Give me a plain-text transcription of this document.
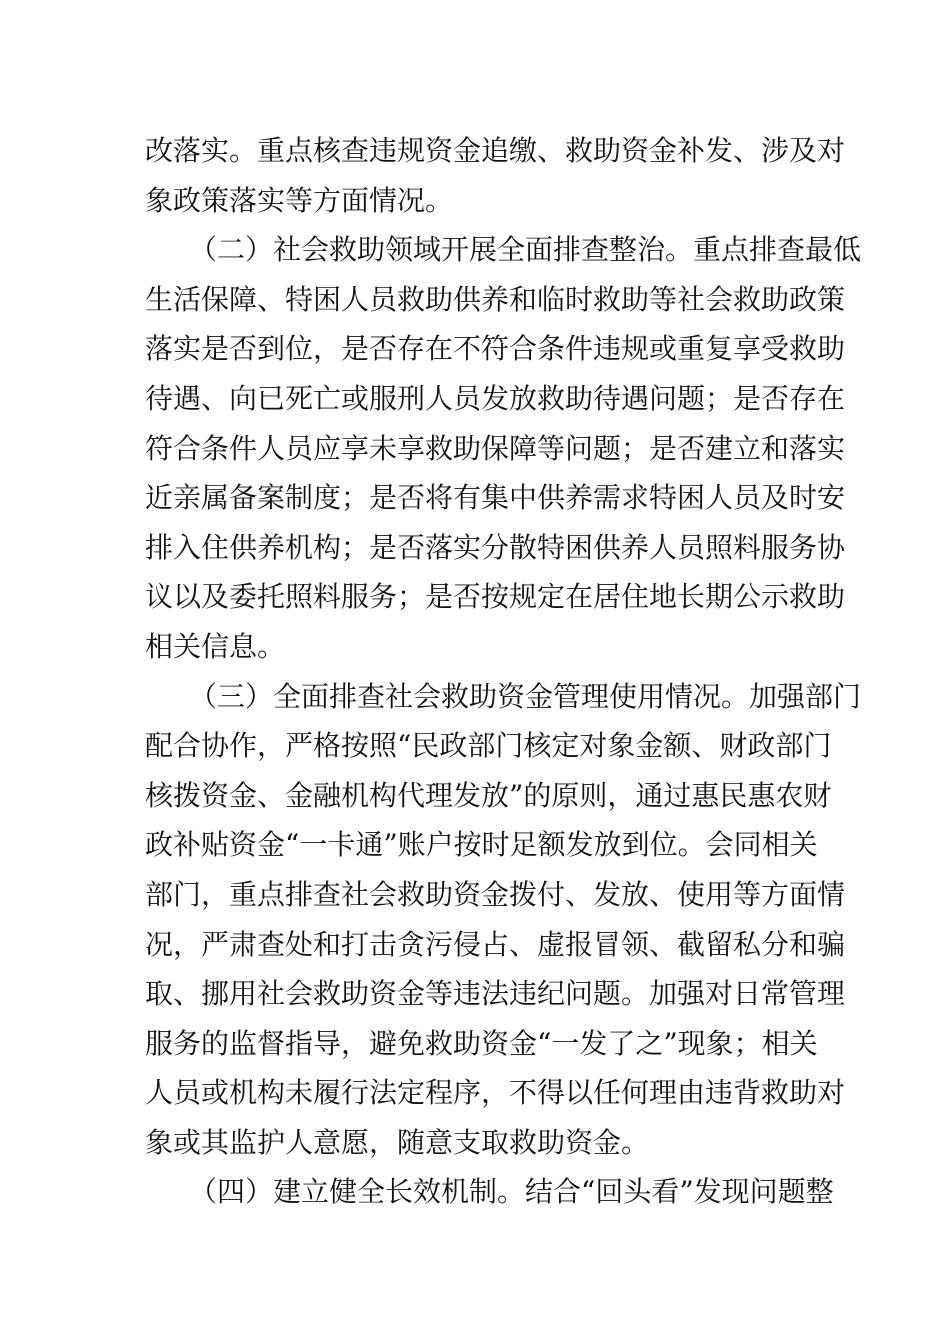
改落实。重点核查违规资金追缴、救助资金补发、涉及对
象政策落实等方面情况。
（二）社会救助领域开展全面排查整治。重点排查最低
生活保障、特困人员救助供养和临时救助等社会救助政策
落实是否到位，是否存在不符合条件违规或重复享受救助
待遇、向已死亡或服刑人员发放救助待遇问题；是否存在
符合条件人员应享未享救助保障等问题；是否建立和落实
近亲属备案制度；是否将有集中供养需求特困人员及时安
排入住供养机构；是否落实分散特困供养人员照料服务协
议以及委托照料服务；是否按规定在居住地长期公示救助
相关信息。
（三）全面排查社会救助资金管理使用情况。加强部门
配合协作，严格按照“民政部门核定对象金额、财政部门
核拨资金、金融机构代理发放”的原则，通过惠民惠农财
政补贴资金“一卡通”账户按时足额发放到位。会同相关
部门，重点排查社会救助资金拨付、发放、使用等方面情
况，严肃查处和打击贪污侵占、虚报冒领、截留私分和骗
取、挪用社会救助资金等违法违纪问题。加强对日常管理
服务的监督指导，避免救助资金“一发了之”现象；相关
人员或机构未履行法定程序，不得以任何理由违背救助对
象或其监护人意愿，随意支取救助资金。
（四）建立健全长效机制。结合“回头看”发现问题整
